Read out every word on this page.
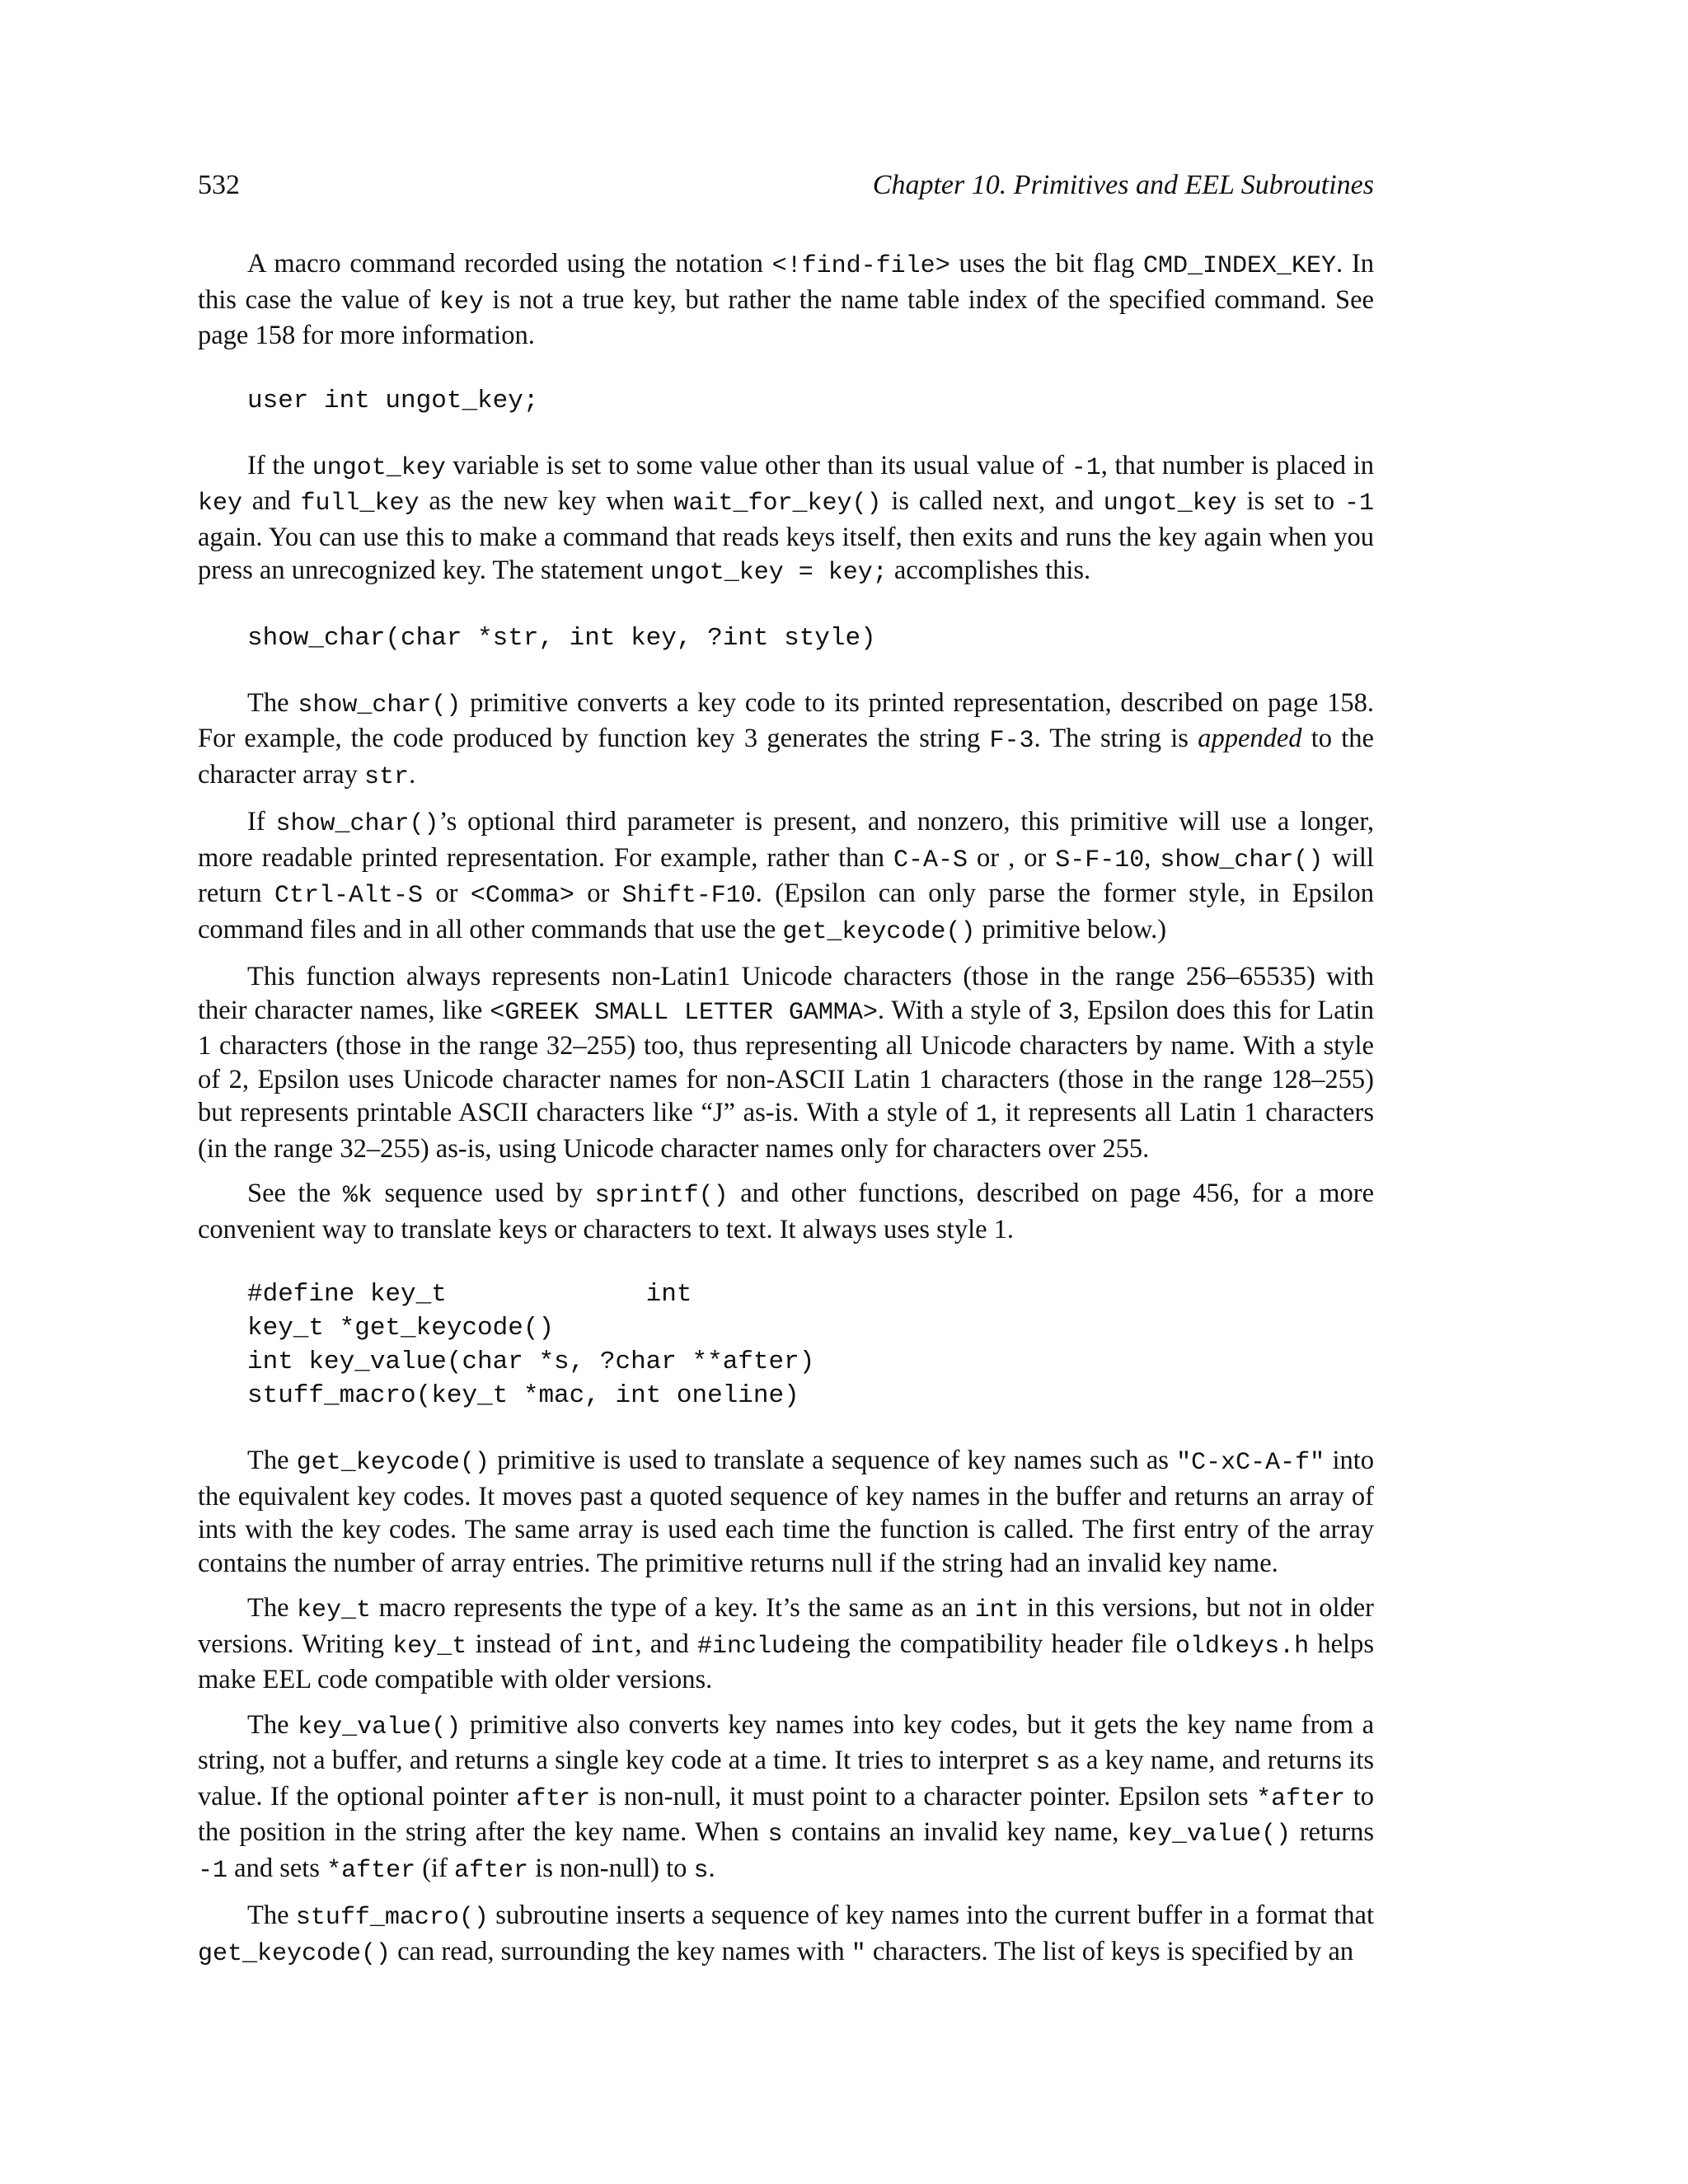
532	Chapter 10. Primitives and EEL Subroutines

A macro command recorded using the notation <!find-file> uses the bit flag CMD_INDEX_KEY. In this case the value of key is not a true key, but rather the name table index of the specified command. See page 158 for more information.

user int ungot_key;

If the ungot_key variable is set to some value other than its usual value of -1, that number is placed in key and full_key as the new key when wait_for_key() is called next, and ungot_key is set to -1 again. You can use this to make a command that reads keys itself, then exits and runs the key again when you press an unrecognized key. The statement ungot_key = key; accomplishes this.

show_char(char *str, int key, ?int style)

The show_char() primitive converts a key code to its printed representation, described on page 158. For example, the code produced by function key 3 generates the string F-3. The string is appended to the character array str.

If show_char()’s optional third parameter is present, and nonzero, this primitive will use a longer, more readable printed representation. For example, rather than C-A-S or , or S-F-10, show_char() will return Ctrl-Alt-S or <Comma> or Shift-F10. (Epsilon can only parse the former style, in Epsilon command files and in all other commands that use the get_keycode() primitive below.)

This function always represents non-Latin1 Unicode characters (those in the range 256–65535) with their character names, like <GREEK SMALL LETTER GAMMA>. With a style of 3, Epsilon does this for Latin 1 characters (those in the range 32–255) too, thus representing all Unicode characters by name. With a style of 2, Epsilon uses Unicode character names for non-ASCII Latin 1 characters (those in the range 128–255) but represents printable ASCII characters like “J” as-is. With a style of 1, it represents all Latin 1 characters (in the range 32–255) as-is, using Unicode character names only for characters over 255.

See the %k sequence used by sprintf() and other functions, described on page 456, for a more convenient way to translate keys or characters to text. It always uses style 1.

#define key_t             int
key_t *get_keycode()
int key_value(char *s, ?char **after)
stuff_macro(key_t *mac, int oneline)

The get_keycode() primitive is used to translate a sequence of key names such as "C-xC-A-f" into the equivalent key codes. It moves past a quoted sequence of key names in the buffer and returns an array of ints with the key codes. The same array is used each time the function is called. The first entry of the array contains the number of array entries. The primitive returns null if the string had an invalid key name.

The key_t macro represents the type of a key. It’s the same as an int in this versions, but not in older versions. Writing key_t instead of int, and #includeing the compatibility header file oldkeys.h helps make EEL code compatible with older versions.

The key_value() primitive also converts key names into key codes, but it gets the key name from a string, not a buffer, and returns a single key code at a time. It tries to interpret s as a key name, and returns its value. If the optional pointer after is non-null, it must point to a character pointer. Epsilon sets *after to the position in the string after the key name. When s contains an invalid key name, key_value() returns -1 and sets *after (if after is non-null) to s.

The stuff_macro() subroutine inserts a sequence of key names into the current buffer in a format that get_keycode() can read, surrounding the key names with " characters. The list of keys is specified by an
